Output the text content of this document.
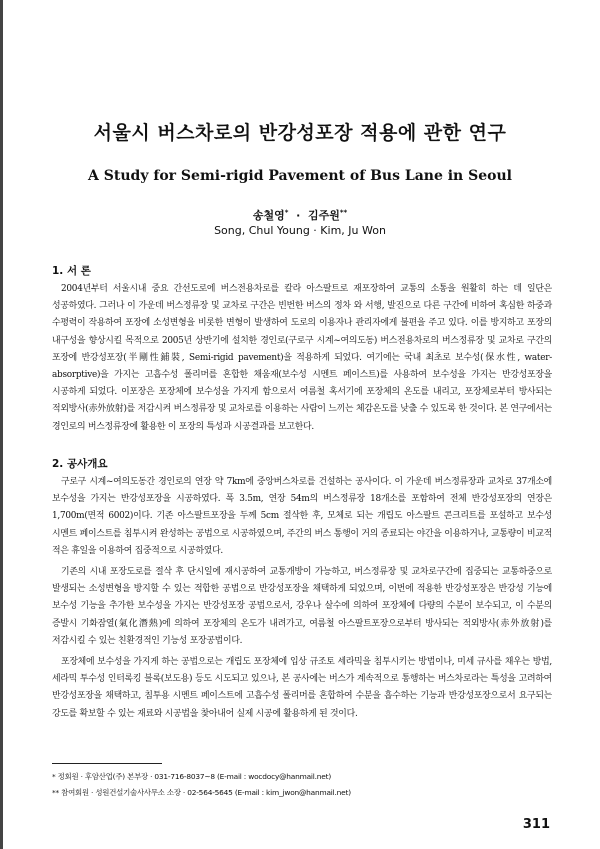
서울시 버스차로의 반강성포장 적용에 관한 연구
A Study for Semi-rigid Pavement of Bus Lane in Seoul
송철영* · 김주원**
Song, Chul Young · Kim, Ju Won
1. 서 론

2004년부터 서울시내 중요 간선도로에 버스전용차로를 칼라 아스팔트로 재포장하여 교통의 소통을 원활히 하는 데 일단은 성공하였다. 그러나 이 가운데 버스정류장 및 교차로 구간은 빈번한 버스의 정차 와 서행, 발진으로 다른 구간에 비하여 혹심한 하중과 수평력이 작용하여 포장에 소성변형을 비롯한 변형이 발생하여 도로의 이용자나 관리자에게 불편을 주고 있다. 이를 방지하고 포장의 내구성을 향상시킬 목적으로 2005년 상반기에 설치한 경인로(구로구 시계~여의도동) 버스전용차로의 버스정류장 및 교차로 구간의 포장에 반강성포장(半剛性鋪裝, Semi-rigid pavement)을 적용하게 되었다. 여기에는 국내 최초로 보수성(保水性, water-absorptive)을 가지는 고흡수성 폴리머를 혼합한 채움재(보수성 시멘트 페이스트)를 사용하여 보수성을 가지는 반강성포장을 시공하게 되었다. 이포장은 포장체에 보수성을 가지게 함으로서 여름철 혹서기에 포장체의 온도를 내리고, 포장체로부터 방사되는 적외방사(赤外放射)를 저감시켜 버스정류장 및 교차로를 이용하는 사람이 느끼는 체감온도를 낮출 수 있도록 한 것이다. 본 연구에서는 경인로의 버스정류장에 활용한 이 포장의 특성과 시공결과를 보고한다.

2. 공사개요

구로구 시계~여의도동간 경인로의 연장 약 7km에 중앙버스차로를 건설하는 공사이다. 이 가운데 버스정류장과 교차로 37개소에 보수성을 가지는 반강성포장을 시공하였다. 폭 3.5m, 연장 54m의 버스정류장 18개소를 포함하여 전체 반강성포장의 연장은 1,700m(면적 6002)이다. 기존 아스팔트포장을 두께 5cm 절삭한 후, 모체로 되는 개립도 아스팔트 콘크리트를 포설하고 보수성 시멘트 페이스트를 침투시켜 완성하는 공법으로 시공하였으며, 주간의 버스 통행이 거의 종료되는 야간을 이용하거나, 교통량이 비교적 적은 휴일을 이용하여 집중적으로 시공하였다.

기존의 시내 포장도로를 절삭 후 단시일에 재시공하여 교통개방이 가능하고, 버스정류장 및 교차로구간에 집중되는 교통하중으로 발생되는 소성변형을 방지할 수 있는 적합한 공법으로 반강성포장을 채택하게 되었으며, 이번에 적용한 반강성포장은 반강성 기능에 보수성 기능을 추가한 보수성을 가지는 반강성포장 공법으로서, 강우나 살수에 의하여 포장체에 다량의 수분이 보수되고, 이 수분의 증발시 기화잠열(氣化潛熱)에 의하여 포장체의 온도가 내려가고, 여름철 아스팔트포장으로부터 방사되는 적외방사(赤外放射)를 저감시킬 수 있는 친환경적인 기능성 포장공법이다.

포장체에 보수성을 가지게 하는 공법으로는 개립도 포장체에 입상 규조토 세라믹을 침투시키는 방법이나, 미세 규사를 채우는 방법, 세라믹 투수성 인터록킹 블록(보도용) 등도 시도되고 있으나, 본 공사에는 버스가 계속적으로 통행하는 버스차로라는 특성을 고려하여 반강성포장을 채택하고, 침투용 시멘트 페이스트에 고흡수성 폴리머를 혼합하여 수분을 흡수하는 기능과 반강성포장으로서 요구되는 강도를 확보할 수 있는 재료와 시공법을 찾아내어 실제 시공에 활용하게 된 것이다.

* 정회원 · 후암산업(주) 본부장 · 031-716-8037~8 (E-mail : wocdocy@hanmail.net)
** 참여회원 · 성원건설기술사사무소 소장 · 02-564-5645 (E-mail : kim_jwon@hanmail.net)
311
